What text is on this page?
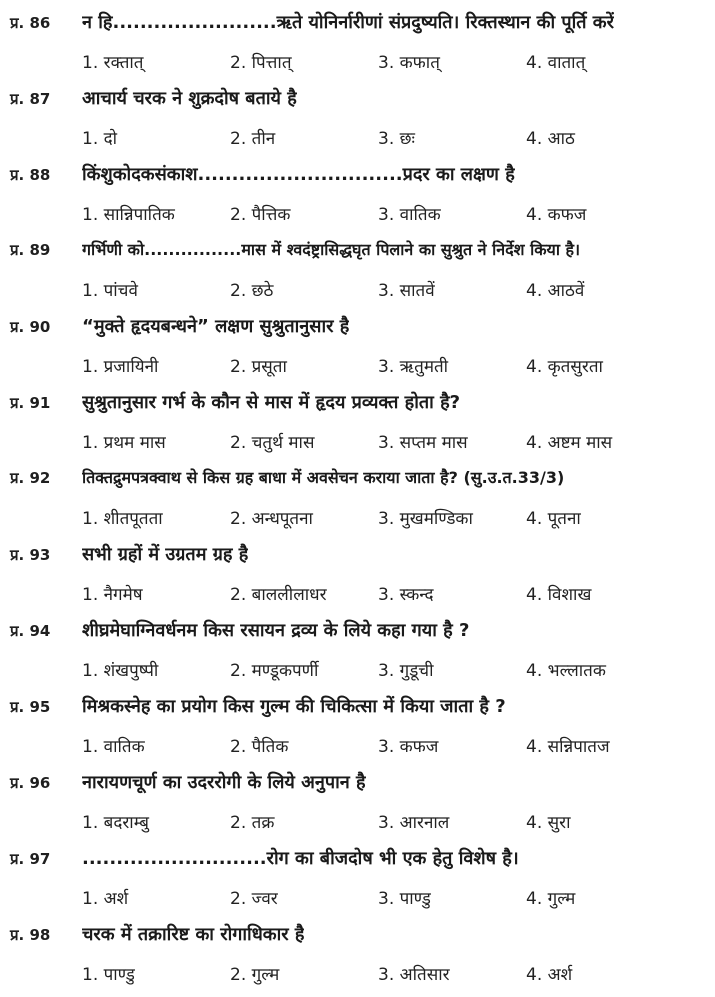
प्र. 86	न हि........................ऋते योनिर्नारीणां संप्रदुष्यति। रिक्तस्थान की पूर्ति करें
1. रक्तात्	2. पित्तात्	3. कफात्	4. वातात्
प्र. 87	आचार्य चरक ने शुक्रदोष बताये है
1. दो	2. तीन	3. छः	4. आठ
प्र. 88	किंशुकोदकसंकाश..............................प्रदर का लक्षण है
1. सान्निपातिक	2. पैत्तिक	3. वातिक	4. कफज
प्र. 89	गर्भिणी को................मास में श्वदंष्ट्रासिद्धघृत पिलाने का सुश्रुत ने निर्देश किया है।
1. पांचवे	2. छठे	3. सातवें	4. आठवें
प्र. 90	“मुक्ते हृदयबन्धने” लक्षण सुश्रुतानुसार है
1. प्रजायिनी	2. प्रसूता	3. ऋतुमती	4. कृतसुरता
प्र. 91	सुश्रुतानुसार गर्भ के कौन से मास में हृदय प्रव्यक्त होता है?
1. प्रथम मास	2. चतुर्थ मास	3. सप्तम मास	4. अष्टम मास
प्र. 92	तिक्तद्रुमपत्रक्वाथ से किस ग्रह बाधा में अवसेचन कराया जाता है? (सु.उ.त.33/3)
1. शीतपूतता	2. अन्धपूतना	3. मुखमण्डिका	4. पूतना
प्र. 93	सभी ग्रहों में उग्रतम ग्रह है
1. नैगमेष	2. बाललीलाधर	3. स्कन्द	4. विशाख
प्र. 94	शीघ्रमेघाग्निवर्धनम किस रसायन द्रव्य के लिये कहा गया है ?
1. शंखपुष्पी	2. मण्डूकपर्णी	3. गुडूची	4. भल्लातक
प्र. 95	मिश्रकस्नेह का प्रयोग किस गुल्म की चिकित्सा में किया जाता है ?
1. वातिक	2. पैतिक	3. कफज	4. सन्निपातज
प्र. 96	नारायणचूर्ण का उदररोगी के लिये अनुपान है
1. बदराम्बु	2. तक्र	3. आरनाल	4. सुरा
प्र. 97	...........................रोग का बीजदोष भी एक हेतु विशेष है।
1. अर्श	2. ज्वर	3. पाण्डु	4. गुल्म
प्र. 98	चरक में तक्रारिष्ट का रोगाधिकार है
1. पाण्डु	2. गुल्म	3. अतिसार	4. अर्श
